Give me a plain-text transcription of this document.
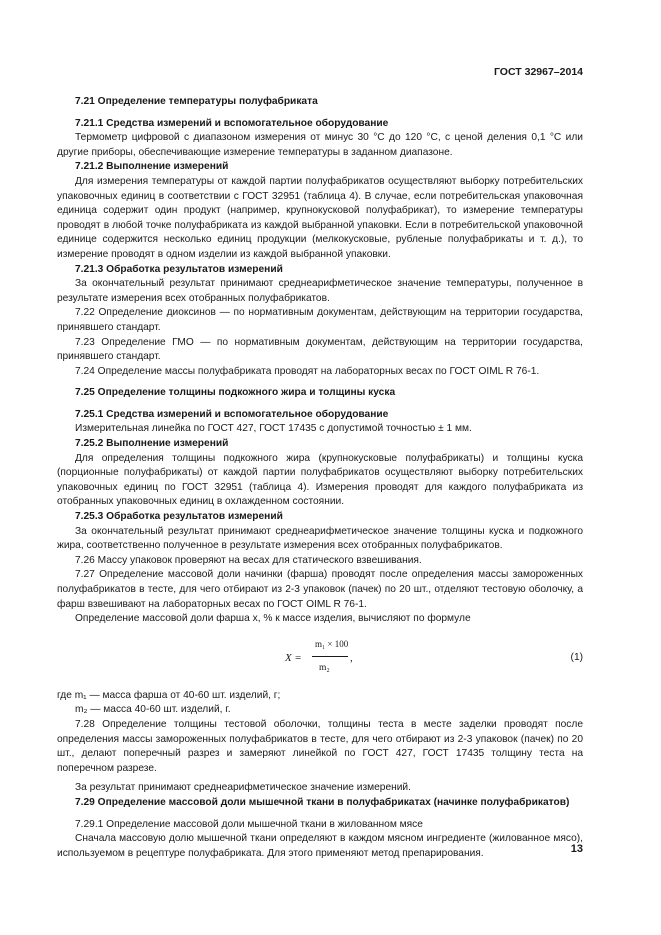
ГОСТ 32967–2014

7.21 Определение температуры полуфабриката

7.21.1 Средства измерений и вспомогательное оборудование

Термометр цифровой с диапазоном измерения от минус 30 °С до 120 °С, с ценой деления 0,1 °С или другие приборы, обеспечивающие измерение температуры в заданном диапазоне.

7.21.2 Выполнение измерений

Для измерения температуры от каждой партии полуфабрикатов осуществляют выборку потребительских упаковочных единиц в соответствии с ГОСТ 32951 (таблица 4). В случае, если потребительская упаковочная единица содержит один продукт (например, крупнокусковой полуфабрикат), то измерение температуры проводят в любой точке полуфабриката из каждой выбранной упаковки. Если в потребительской упаковочной единице содержится несколько единиц продукции (мелкокусковые, рубленые полуфабрикаты и т. д.), то измерение проводят в одном изделии из каждой выбранной упаковки.

7.21.3 Обработка результатов измерений

За окончательный результат принимают среднеарифметическое значение температуры, полученное в результате измерения всех отобранных полуфабрикатов.

7.22 Определение диоксинов — по нормативным документам, действующим на территории государства, принявшего стандарт.

7.23 Определение ГМО — по нормативным документам, действующим на территории государства, принявшего стандарт.

7.24 Определение массы полуфабриката проводят на лабораторных весах по ГОСТ OIML R 76-1.

7.25 Определение толщины подкожного жира и толщины куска

7.25.1 Средства измерений и вспомогательное оборудование

Измерительная линейка по ГОСТ 427, ГОСТ 17435 с допустимой точностью ± 1 мм.

7.25.2 Выполнение измерений

Для определения толщины подкожного жира (крупнокусковые полуфабрикаты) и толщины куска (порционные полуфабрикаты) от каждой партии полуфабрикатов осуществляют выборку потребительских упаковочных единиц по ГОСТ 32951 (таблица 4). Измерения проводят для каждого полуфабриката из отобранных упаковочных единиц в охлажденном состоянии.

7.25.3 Обработка результатов измерений

За окончательный результат принимают среднеарифметическое значение толщины куска и подкожного жира, соответственно полученное в результате измерения всех отобранных полуфабрикатов.

7.26 Массу упаковок проверяют на весах для статического взвешивания.

7.27 Определение массовой доли начинки (фарша) проводят после определения массы замороженных полуфабрикатов в тесте, для чего отбирают из 2-3 упаковок (пачек) по 20 шт., отделяют тестовую оболочку, а фарш взвешивают на лабораторных весах по ГОСТ OIML R 76-1.

Определение массовой доли фарша x, % к массе изделия, вычисляют по формуле

X =
m₁ × 100
m₂
,	(1)

где m₁ — масса фарша от 40-60 шт. изделий, г;

m₂ — масса 40-60 шт. изделий, г.

7.28 Определение толщины тестовой оболочки, толщины теста в месте заделки проводят после определения массы замороженных полуфабрикатов в тесте, для чего отбирают из 2-3 упаковок (пачек) по 20 шт., делают поперечный разрез и замеряют линейкой по ГОСТ 427, ГОСТ 17435 толщину теста на поперечном разрезе.

За результат принимают среднеарифметическое значение измерений.

7.29 Определение массовой доли мышечной ткани в полуфабрикатах (начинке полуфабрикатов)

7.29.1 Определение массовой доли мышечной ткани в жилованном мясе

Сначала массовую долю мышечной ткани определяют в каждом мясном ингредиенте (жилованное мясо), используемом в рецептуре полуфабриката. Для этого применяют метод препарирования.	13
